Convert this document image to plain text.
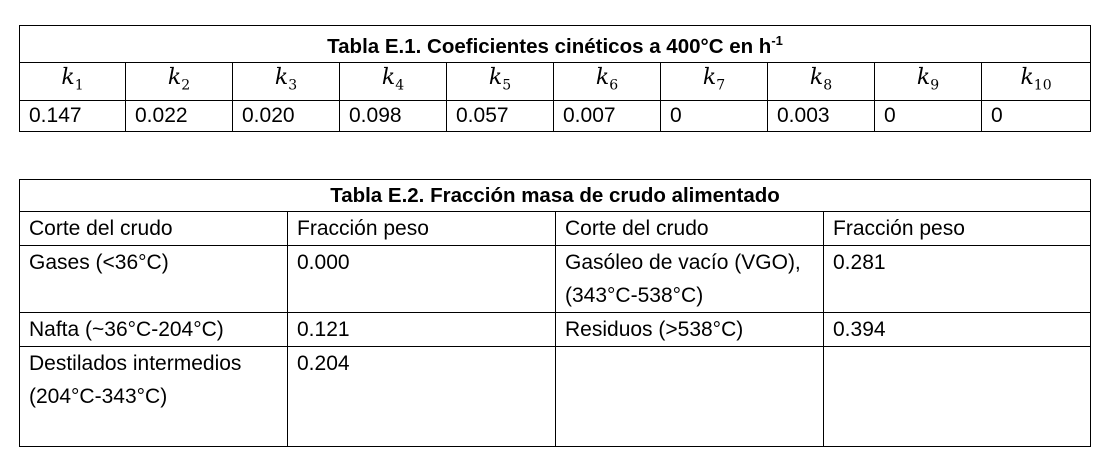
Tabla E.1. Coeficientes cinéticos a 400°C en $h^{-1}$
$k_1$	$k_2$	$k_3$	$k_4$	$k_5$	$k_6$	$k_7$	$k_8$	$k_9$	$k_{10}$
0.147	0.022	0.020	0.098	0.057	0.007	0	0.003	0	0
Tabla E.2. Fracción masa de crudo alimentado			
Corte del crudo	Fracción peso	Corte del crudo	Fracción peso
Gases (<36°C)	0.000	Gasóleo de vacío (VGO), (343°C-538°C)	0.281
Nafta (~36°C-204°C)	0.121	Residuos (>538°C)	0.394
Destilados intermedios (204°C-343°C)	0.204		
